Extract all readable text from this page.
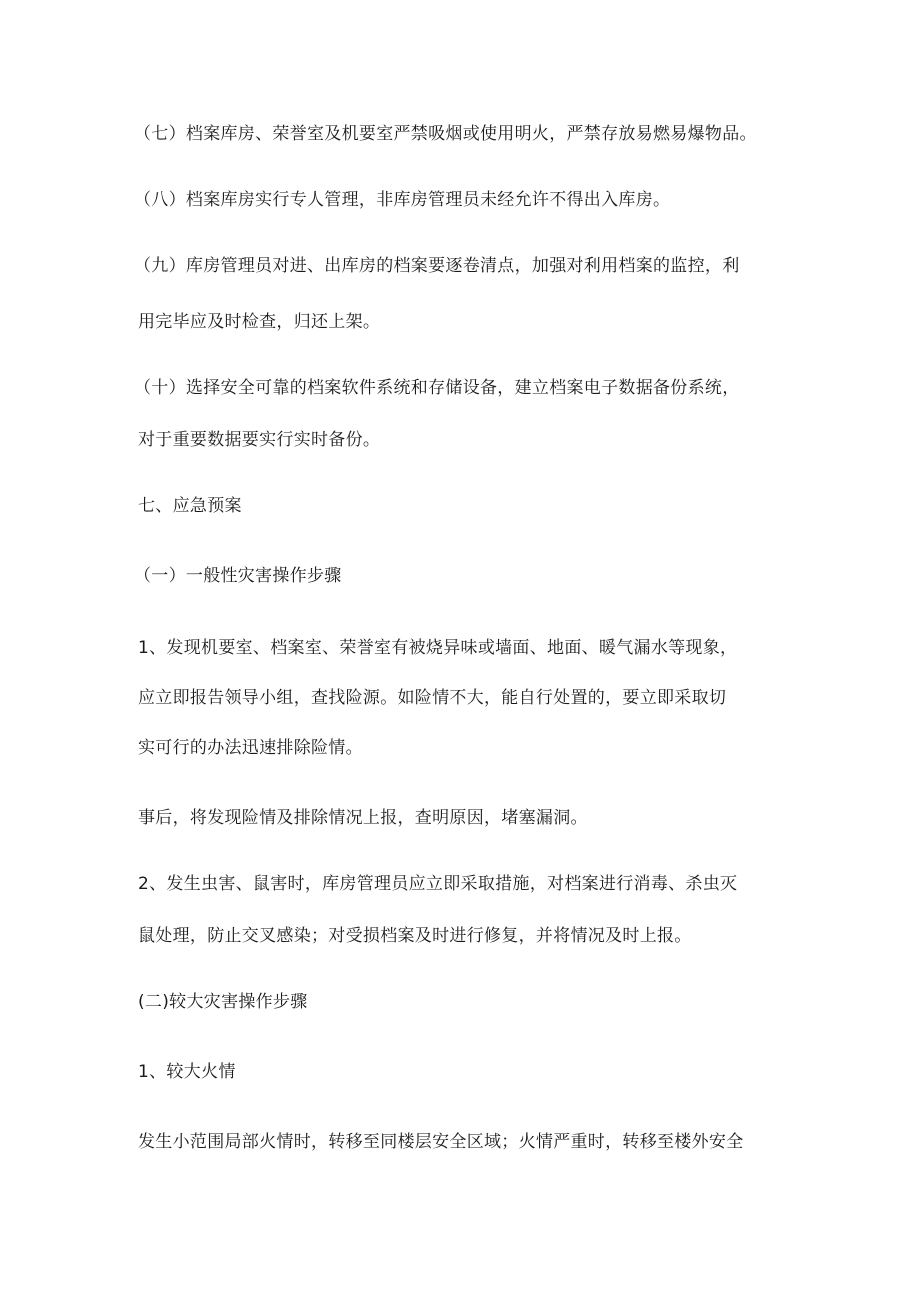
（七）档案库房、荣誉室及机要室严禁吸烟或使用明火，严禁存放易燃易爆物品。
（八）档案库房实行专人管理，非库房管理员未经允许不得出入库房。
（九）库房管理员对进、出库房的档案要逐卷清点，加强对利用档案的监控，利
用完毕应及时检查，归还上架。
（十）选择安全可靠的档案软件系统和存储设备，建立档案电子数据备份系统，
对于重要数据要实行实时备份。
七、应急预案
（一）一般性灾害操作步骤
1、发现机要室、档案室、荣誉室有被烧异味或墙面、地面、暖气漏水等现象，
应立即报告领导小组，查找险源。如险情不大，能自行处置的，要立即采取切
实可行的办法迅速排除险情。
事后，将发现险情及排除情况上报，查明原因，堵塞漏洞。
2、发生虫害、鼠害时，库房管理员应立即采取措施，对档案进行消毒、杀虫灭
鼠处理，防止交叉感染；对受损档案及时进行修复，并将情况及时上报。
(二)较大灾害操作步骤
1、较大火情
发生小范围局部火情时，转移至同楼层安全区域；火情严重时，转移至楼外安全
